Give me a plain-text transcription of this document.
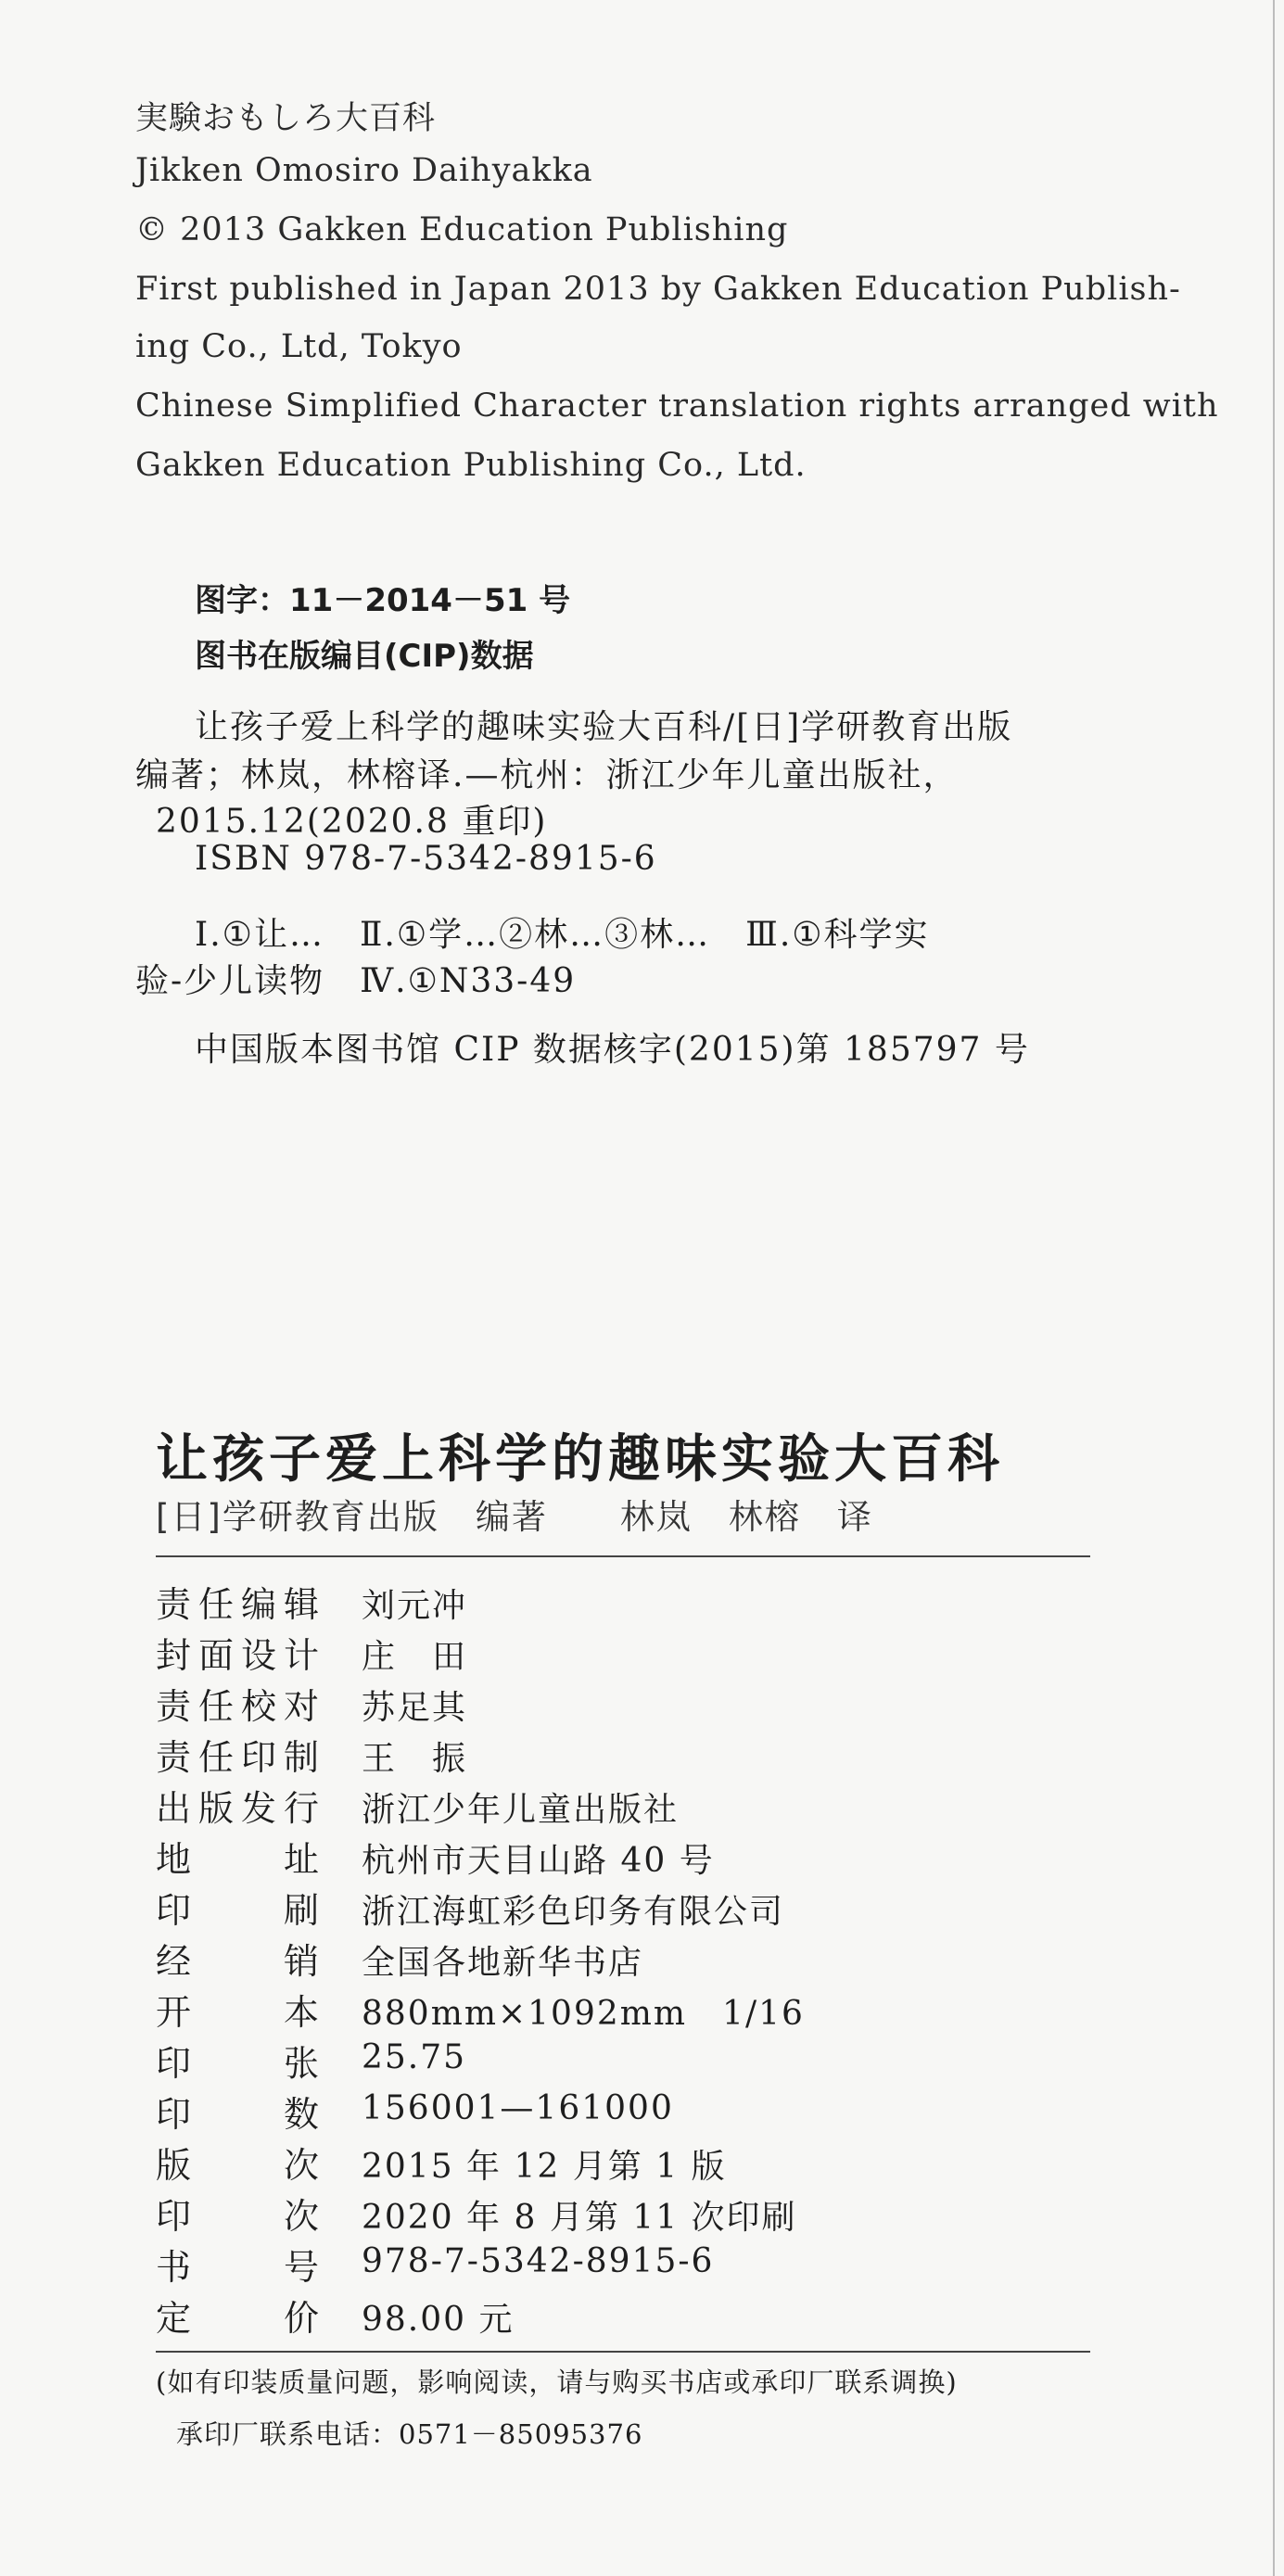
実験おもしろ大百科
Jikken Omosiro Daihyakka
© 2013 Gakken Education Publishing
First published in Japan 2013 by Gakken Education Publish-
ing Co., Ltd, Tokyo
Chinese Simplified Character translation rights arranged with
Gakken Education Publishing Co., Ltd.
图字：11－2014－51 号
图书在版编目(CIP)数据
让孩子爱上科学的趣味实验大百科/[日]学研教育出版
编著；林岚，林榕译.—杭州：浙江少年儿童出版社，
2015.12(2020.8 重印)
ISBN 978-7-5342-8915-6
Ⅰ.①让…　Ⅱ.①学…②林…③林…　Ⅲ.①科学实
验-少儿读物　Ⅳ.①N33-49
中国版本图书馆 CIP 数据核字(2015)第 185797 号
让孩子爱上科学的趣味实验大百科
[日]学研教育出版　编著　　林岚　林榕　译
责 任 编 辑 刘元冲
封 面 设 计 庄　田
责 任 校 对 苏足其
责 任 印 制 王　振
出 版 发 行 浙江少年儿童出版社
地	址 杭州市天目山路 40 号
印	刷 浙江海虹彩色印务有限公司
经	销 全国各地新华书店
开	本 880mm×1092mm　1/16
印	张 25.75
印	数 156001—161000
版	次 2015 年 12 月第 1 版
印	次 2020 年 8 月第 11 次印刷
书	号 978-7-5342-8915-6
定	价 98.00 元
(如有印装质量问题，影响阅读，请与购买书店或承印厂联系调换)
承印厂联系电话：0571－85095376
